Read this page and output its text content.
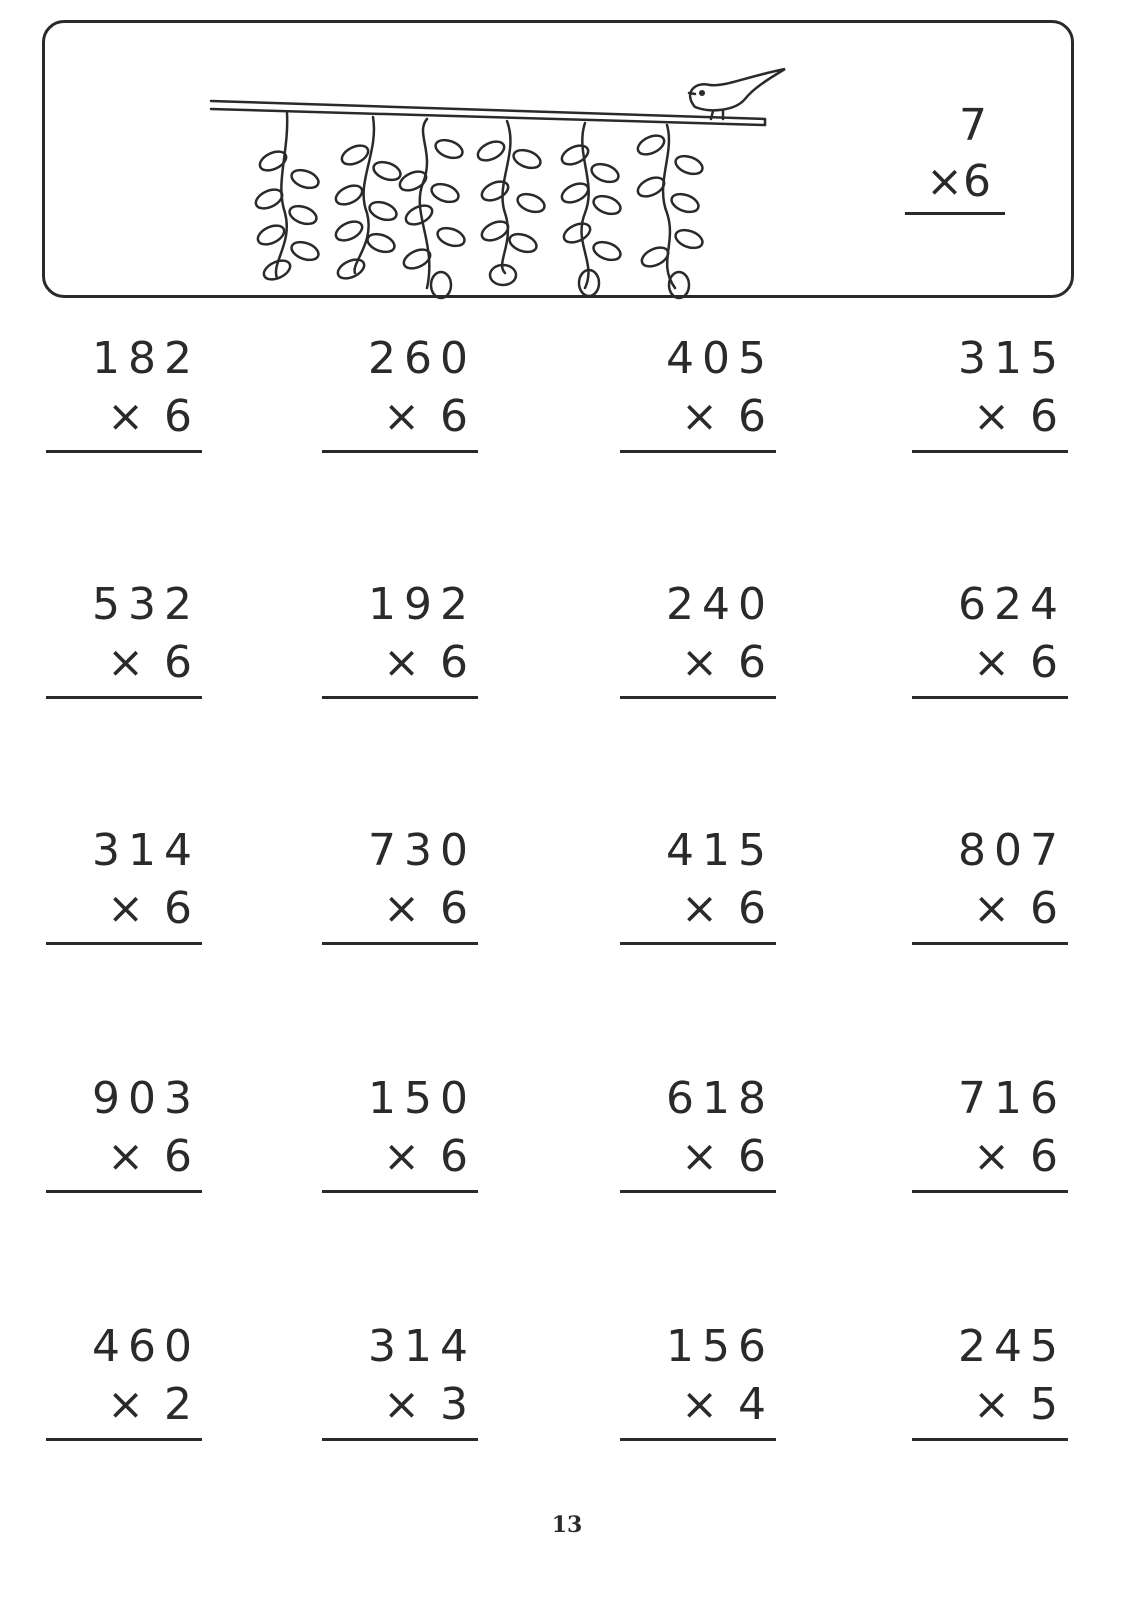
7
×6
182
× 6
260
× 6
405
× 6
315
× 6
532
× 6
192
× 6
240
× 6
624
× 6
314
× 6
730
× 6
415
× 6
807
× 6
903
× 6
150
× 6
618
× 6
716
× 6
460
× 2
314
× 3
156
× 4
245
× 5
13
